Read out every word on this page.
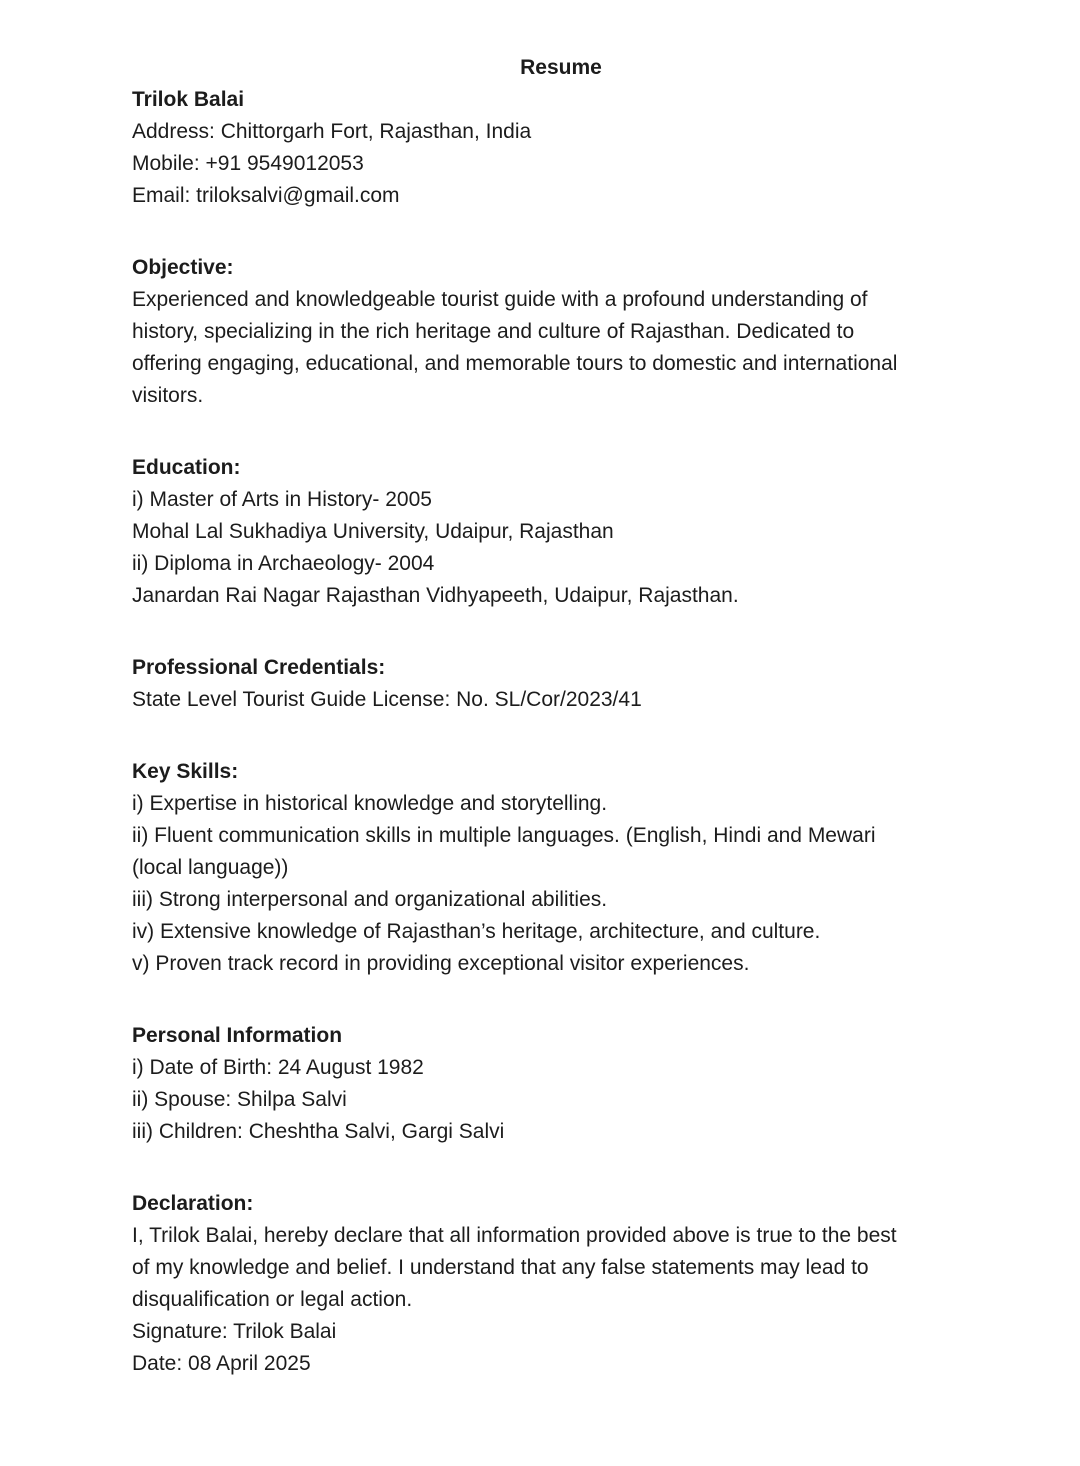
Resume
Trilok Balai
Address: Chittorgarh Fort, Rajasthan, India
Mobile: +91 9549012053
Email: triloksalvi@gmail.com
Objective:
Experienced and knowledgeable tourist guide with a profound understanding of
history, specializing in the rich heritage and culture of Rajasthan. Dedicated to
offering engaging, educational, and memorable tours to domestic and international
visitors.
Education:
i) Master of Arts in History- 2005
Mohal Lal Sukhadiya University, Udaipur, Rajasthan
ii) Diploma in Archaeology- 2004
Janardan Rai Nagar Rajasthan Vidhyapeeth, Udaipur, Rajasthan.
Professional Credentials:
State Level Tourist Guide License: No. SL/Cor/2023/41
Key Skills:
i) Expertise in historical knowledge and storytelling.
ii) Fluent communication skills in multiple languages. (English, Hindi and Mewari
(local language))
iii) Strong interpersonal and organizational abilities.
iv) Extensive knowledge of Rajasthan’s heritage, architecture, and culture.
v) Proven track record in providing exceptional visitor experiences.
Personal Information
i) Date of Birth: 24 August 1982
ii) Spouse: Shilpa Salvi
iii) Children: Cheshtha Salvi, Gargi Salvi
Declaration:
I, Trilok Balai, hereby declare that all information provided above is true to the best
of my knowledge and belief. I understand that any false statements may lead to
disqualification or legal action.
Signature: Trilok Balai
Date: 08 April 2025
